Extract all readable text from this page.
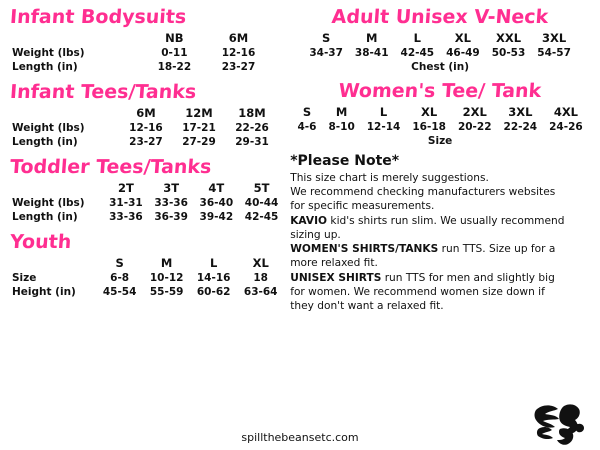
Infant Bodysuits
	NB	6M		
Weight (lbs)	0-11	12-16		
Length (in)	18-22	23-27		
Infant Tees/Tanks
	6M	12M	18M	
Weight (lbs)	12-16	17-21	22-26	
Length (in)	23-27	27-29	29-31	
Toddler Tees/Tanks
	2T	3T	4T	5T
Weight (lbs)	31-31	33-36	36-40	40-44
Length (in)	33-36	36-39	39-42	42-45
Youth
	S	M	L	XL
Size	6-8	10-12	14-16	18
Height (in)	45-54	55-59	60-62	63-64
Adult Unisex V-Neck
S	M	L	XL	XXL	3XL
34-37	38-41	42-45	46-49	50-53	54-57
Chest (in)
Women's Tee/ Tank
S	M	L	XL	2XL	3XL	4XL
4-6	8-10	12-14	16-18	20-22	22-24	24-26
Size
*Please Note*

This size chart is merely suggestions.

We recommend checking manufacturers websites

for specific measurements.

KAVIO kid's shirts run slim. We usually recommend

sizing up.

WOMEN'S SHIRTS/TANKS run TTS. Size up for a

more relaxed fit.

UNISEX SHIRTS run TTS for men and slightly big

for women. We recommend women size down if

they don't want a relaxed fit.

spillthebeansetc.com
